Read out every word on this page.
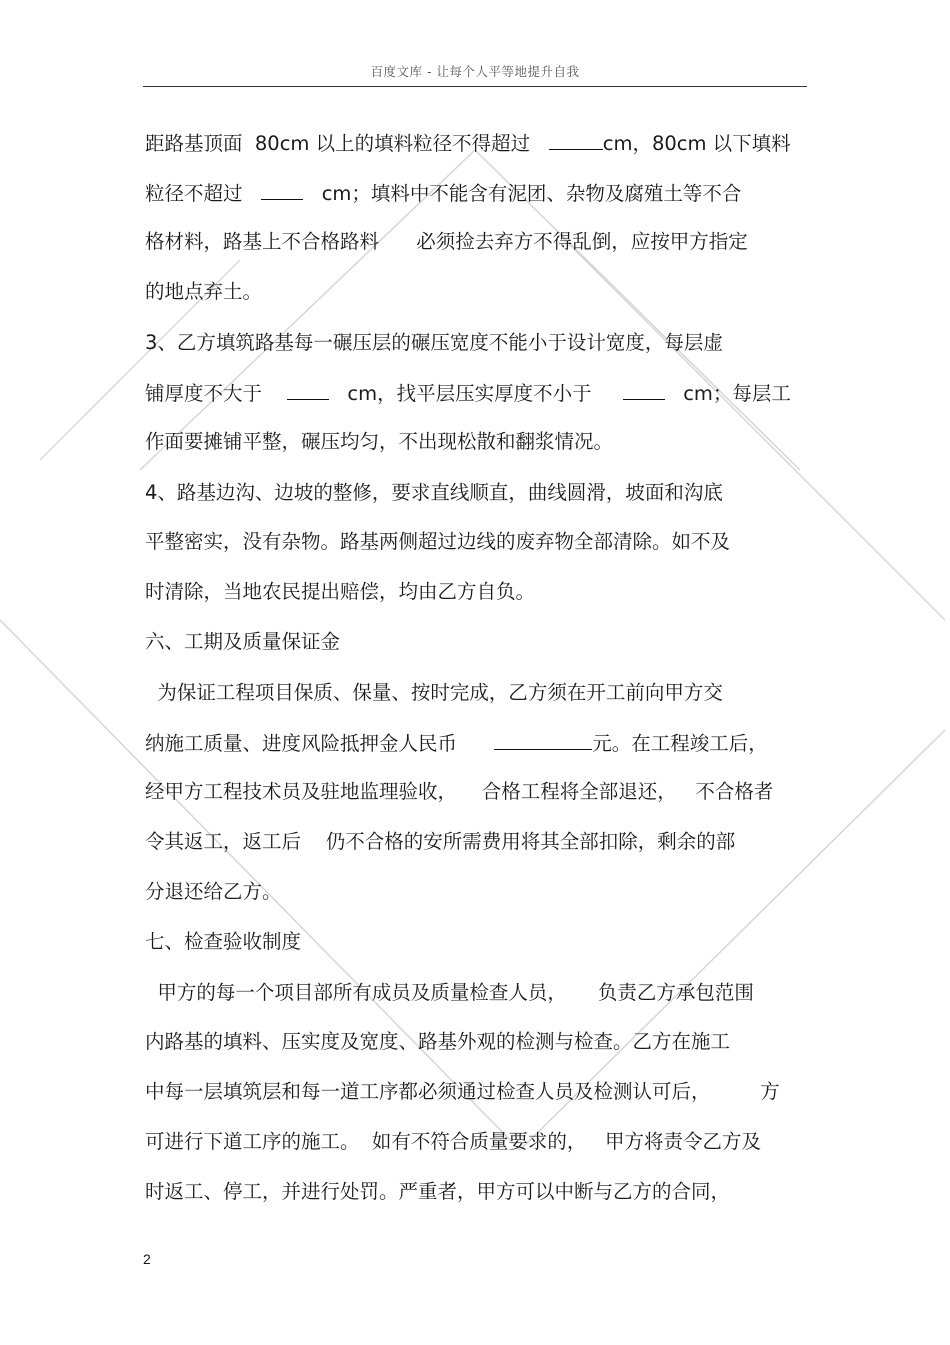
百度文库 - 让每个人平等地提升自我
距路基顶面  80cm 以上的填料粒径不得超过	cm，80cm 以下填料
粒径不超过      cm；填料中不能含有泥团、杂物及腐殖土等不合
格材料，路基上不合格路料      必须捡去弃方不得乱倒，应按甲方指定
的地点弃土。
3、乙方填筑路基每一碾压层的碾压宽度不能小于设计宽度，每层虚
铺厚度不大于       cm，找平层压实厚度不小于        cm；每层工
作面要摊铺平整，碾压均匀，不出现松散和翻浆情况。
4、路基边沟、边坡的整修，要求直线顺直，曲线圆滑，坡面和沟底
平整密实，没有杂物。路基两侧超过边线的废弃物全部清除。如不及
时清除，当地农民提出赔偿，均由乙方自负。
六、工期及质量保证金
为保证工程项目保质、保量、按时完成，乙方须在开工前向甲方交
纳施工质量、进度风险抵押金人民币	元。在工程竣工后，
经甲方工程技术员及驻地监理验收，    合格工程将全部退还，   不合格者
令其返工，返工后    仍不合格的安所需费用将其全部扣除，剩余的部
分退还给乙方。
七、检查验收制度
甲方的每一个项目部所有成员及质量检查人员，     负责乙方承包范围
内路基的填料、压实度及宽度、路基外观的检测与检查。乙方在施工
中每一层填筑层和每一道工序都必须通过检查人员及检测认可后，        方
可进行下道工序的施工。  如有不符合质量要求的，   甲方将责令乙方及
时返工、停工，并进行处罚。严重者，甲方可以中断与乙方的合同，
2
